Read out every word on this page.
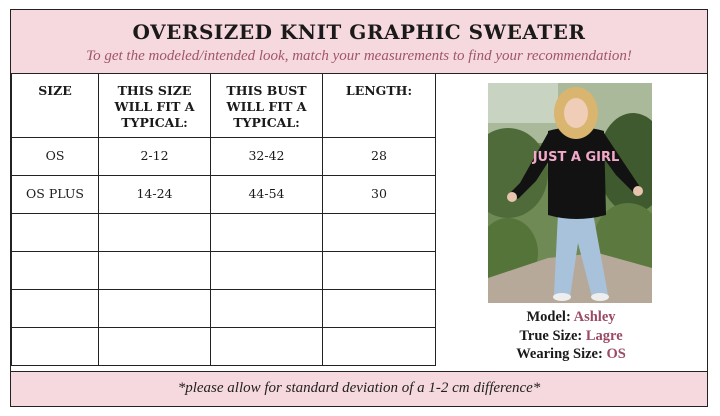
OVERSIZED KNIT GRAPHIC SWEATER
To get the modeled/intended look, match your measurements to find your recommendation!
SIZE	THIS SIZE WILL FIT A TYPICAL:	THIS BUST WILL FIT A TYPICAL:	LENGTH:
OS	2-12	32-42	28
OS PLUS	14-24	44-54	30

JUST A GIRL
Model: Ashley
True Size: Lagre
Wearing Size: OS
*please allow for standard deviation of a 1-2 cm difference*
